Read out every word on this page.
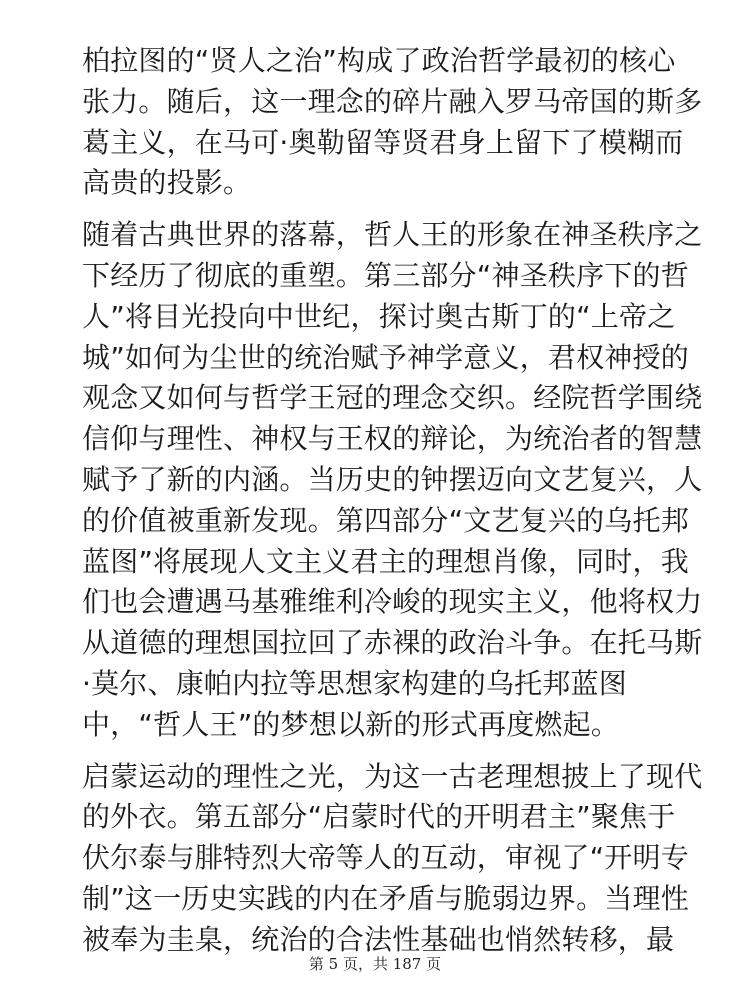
柏拉图的“贤人之治”构成了政治哲学最初的核心
张力。随后，这一理念的碎片融入罗马帝国的斯多
葛主义，在马可·奥勒留等贤君身上留下了模糊而
高贵的投影。

随着古典世界的落幕，哲人王的形象在神圣秩序之
下经历了彻底的重塑。第三部分“神圣秩序下的哲
人”将目光投向中世纪，探讨奥古斯丁的“上帝之
城”如何为尘世的统治赋予神学意义，君权神授的
观念又如何与哲学王冠的理念交织。经院哲学围绕
信仰与理性、神权与王权的辩论，为统治者的智慧
赋予了新的内涵。当历史的钟摆迈向文艺复兴，人
的价值被重新发现。第四部分“文艺复兴的乌托邦
蓝图”将展现人文主义君主的理想肖像，同时，我
们也会遭遇马基雅维利冷峻的现实主义，他将权力
从道德的理想国拉回了赤裸的政治斗争。在托马斯
·莫尔、康帕内拉等思想家构建的乌托邦蓝图
中，“哲人王”的梦想以新的形式再度燃起。

启蒙运动的理性之光，为这一古老理想披上了现代
的外衣。第五部分“启蒙时代的开明君主”聚焦于
伏尔泰与腓特烈大帝等人的互动，审视了“开明专
制”这一历史实践的内在矛盾与脆弱边界。当理性
被奉为圭臬，统治的合法性基础也悄然转移，最

第 5 页，共 187 页
